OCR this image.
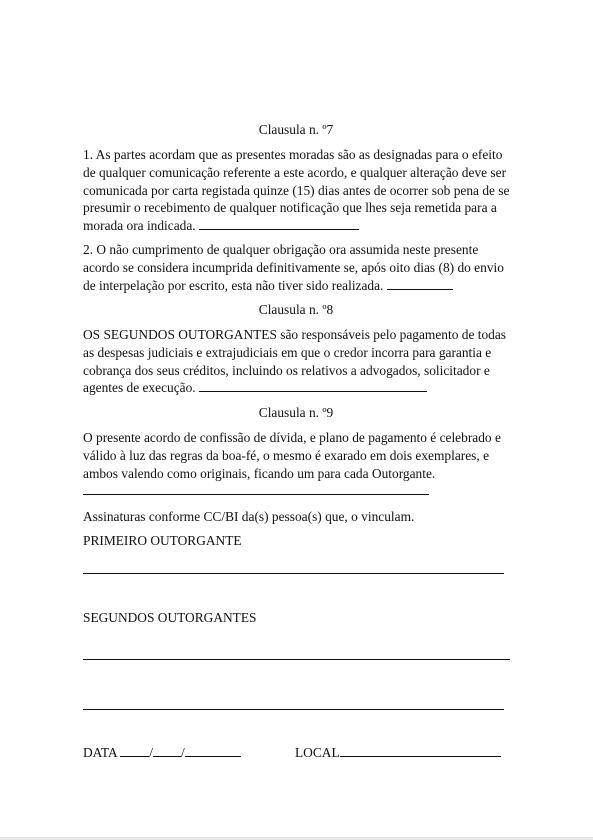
Clausula n. º7
1. As partes acordam que as presentes moradas são as designadas para o efeito de qualquer comunicação referente a este acordo, e qualquer alteração deve ser comunicada por carta registada quinze (15) dias antes de ocorrer sob pena de se presumir o recebimento de qualquer notificação que lhes seja remetida para a morada ora indicada.
2. O não cumprimento de qualquer obrigação ora assumida neste presente acordo se considera incumprida definitivamente se, após oito dias (8) do envio de interpelação por escrito, esta não tiver sido realizada.
Clausula n. º8
OS SEGUNDOS OUTORGANTES são responsáveis pelo pagamento de todas as despesas judiciais e extrajudiciais em que o credor incorra para garantia e cobrança dos seus créditos, incluindo os relativos a advogados, solicitador e agentes de execução.
Clausula n. º9
O presente acordo de confissão de dívida, e plano de pagamento é celebrado e válido à luz das regras da boa-fé, o mesmo é exarado em dois exemplares, e ambos valendo como originais, ficando um para cada Outorgante.
Assinaturas conforme CC/BI da(s) pessoa(s) que, o vinculam.
PRIMEIRO OUTORGANTE
SEGUNDOS OUTORGANTES
DATA / /	LOCAL
